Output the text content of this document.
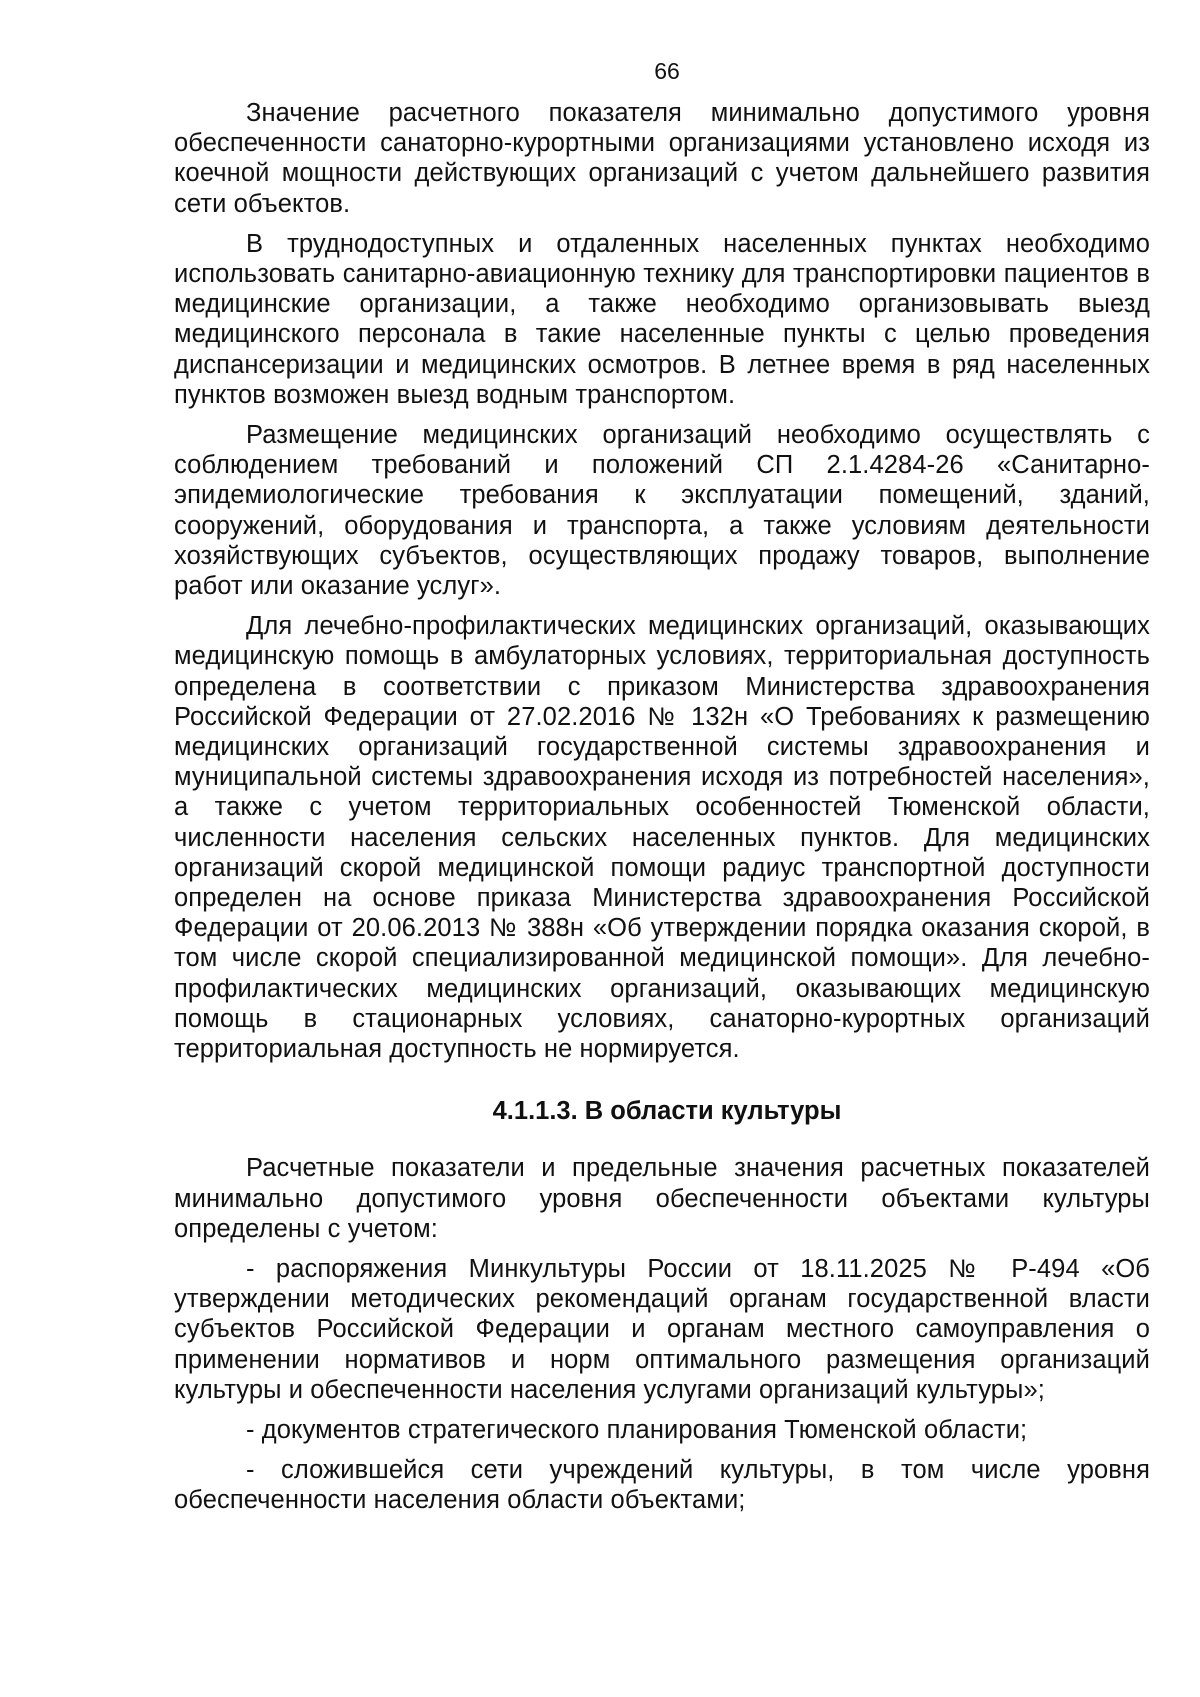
66

Значение расчетного показателя минимально допустимого уровня обеспеченности санаторно-курортными организациями установлено исходя из коечной мощности действующих организаций с учетом дальнейшего развития сети объектов.

В труднодоступных и отдаленных населенных пунктах необходимо использовать санитарно-авиационную технику для транспортировки пациентов в медицинские организации, а также необходимо организовывать выезд медицинского персонала в такие населенные пункты с целью проведения диспансеризации и медицинских осмотров. В летнее время в ряд населенных пунктов возможен выезд водным транспортом.

Размещение медицинских организаций необходимо осуществлять с соблюдением требований и положений СП 2.1.4284-26 «Санитарно-эпидемиологические требования к эксплуатации помещений, зданий, сооружений, оборудования и транспорта, а также условиям деятельности хозяйствующих субъектов, осуществляющих продажу товаров, выполнение работ или оказание услуг».

Для лечебно-профилактических медицинских организаций, оказывающих медицинскую помощь в амбулаторных условиях, территориальная доступность определена в соответствии с приказом Министерства здравоохранения Российской Федерации от 27.02.2016 № 132н «О Требованиях к размещению медицинских организаций государственной системы здравоохранения и муниципальной системы здравоохранения исходя из потребностей населения», а также с учетом территориальных особенностей Тюменской области, численности населения сельских населенных пунктов. Для медицинских организаций скорой медицинской помощи радиус транспортной доступности определен на основе приказа Министерства здравоохранения Российской Федерации от 20.06.2013 № 388н «Об утверждении порядка оказания скорой, в том числе скорой специализированной медицинской помощи». Для лечебно-профилактических медицинских организаций, оказывающих медицинскую помощь в стационарных условиях, санаторно-курортных организаций территориальная доступность не нормируется.

4.1.1.3. В области культуры

Расчетные показатели и предельные значения расчетных показателей минимально допустимого уровня обеспеченности объектами культуры определены с учетом:

- распоряжения Минкультуры России от 18.11.2025 № Р-494 «Об утверждении методических рекомендаций органам государственной власти субъектов Российской Федерации и органам местного самоуправления о применении нормативов и норм оптимального размещения организаций культуры и обеспеченности населения услугами организаций культуры»;

- документов стратегического планирования Тюменской области;

- сложившейся сети учреждений культуры, в том числе уровня обеспеченности населения области объектами;
